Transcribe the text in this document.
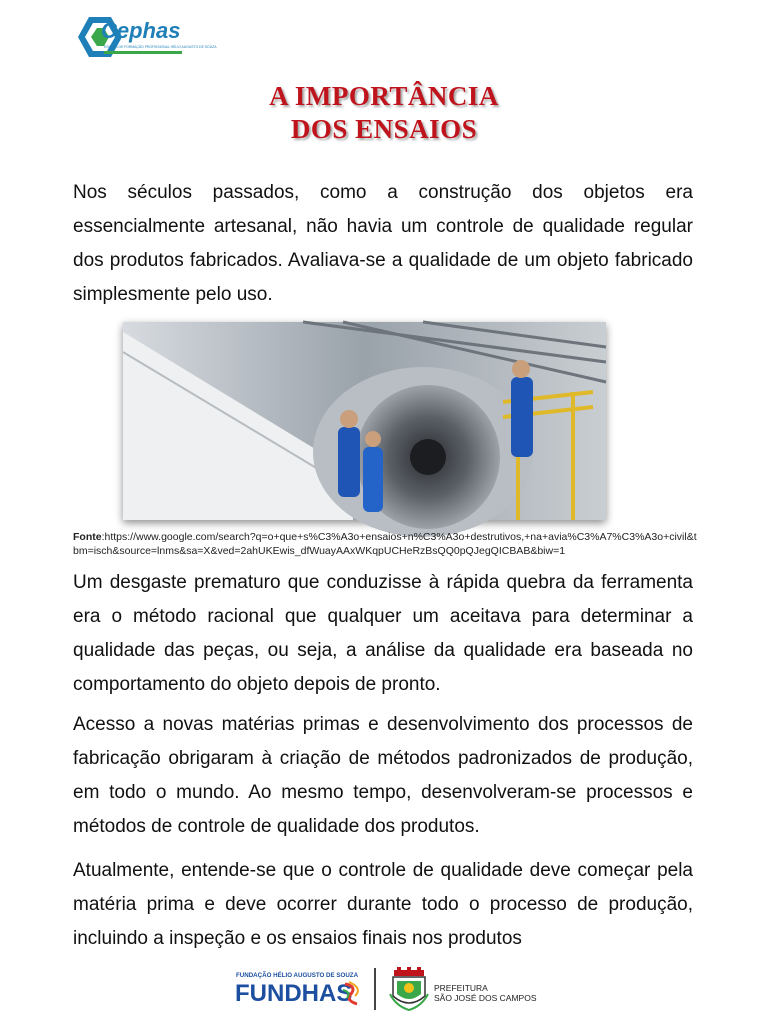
Cephas
ESCOLA DE FORMAÇÃO PROFISSIONAL HÉLIO AUGUSTO DE SOUZA
A IMPORTÂNCIA
DOS ENSAIOS

Nos séculos passados, como a construção dos objetos era essencialmente artesanal, não havia um controle de qualidade regular dos produtos fabricados. Avaliava-se a qualidade de um objeto fabricado simplesmente pelo uso.

Fonte:https://www.google.com/search?q=o+que+s%C3%A3o+ensaios+n%C3%A3o+destrutivos,+na+avia%C3%A7%C3%A3o+civil&tbm=isch&source=lnms&sa=X&ved=2ahUKEwis_dfWuayAAxWKqpUCHeRzBsQQ0pQJegQICBAB&biw=1

Um desgaste prematuro que conduzisse à rápida quebra da ferramenta era o método racional que qualquer um aceitava para determinar a qualidade das peças, ou seja, a análise da qualidade era baseada no comportamento do objeto depois de pronto.

Acesso a novas matérias primas e desenvolvimento dos processos de fabricação obrigaram à criação de métodos padronizados de produção, em todo o mundo. Ao mesmo tempo, desenvolveram-se processos e métodos de controle de qualidade dos produtos.

Atualmente, entende-se que o controle de qualidade deve começar pela matéria prima e deve ocorrer durante todo o processo de produção, incluindo a inspeção e os ensaios finais nos produtos

FUNDAÇÃO HÉLIO AUGUSTO DE SOUZA
FUNDHAS	PREFEITURA
SÃO JOSÉ DOS CAMPOS
